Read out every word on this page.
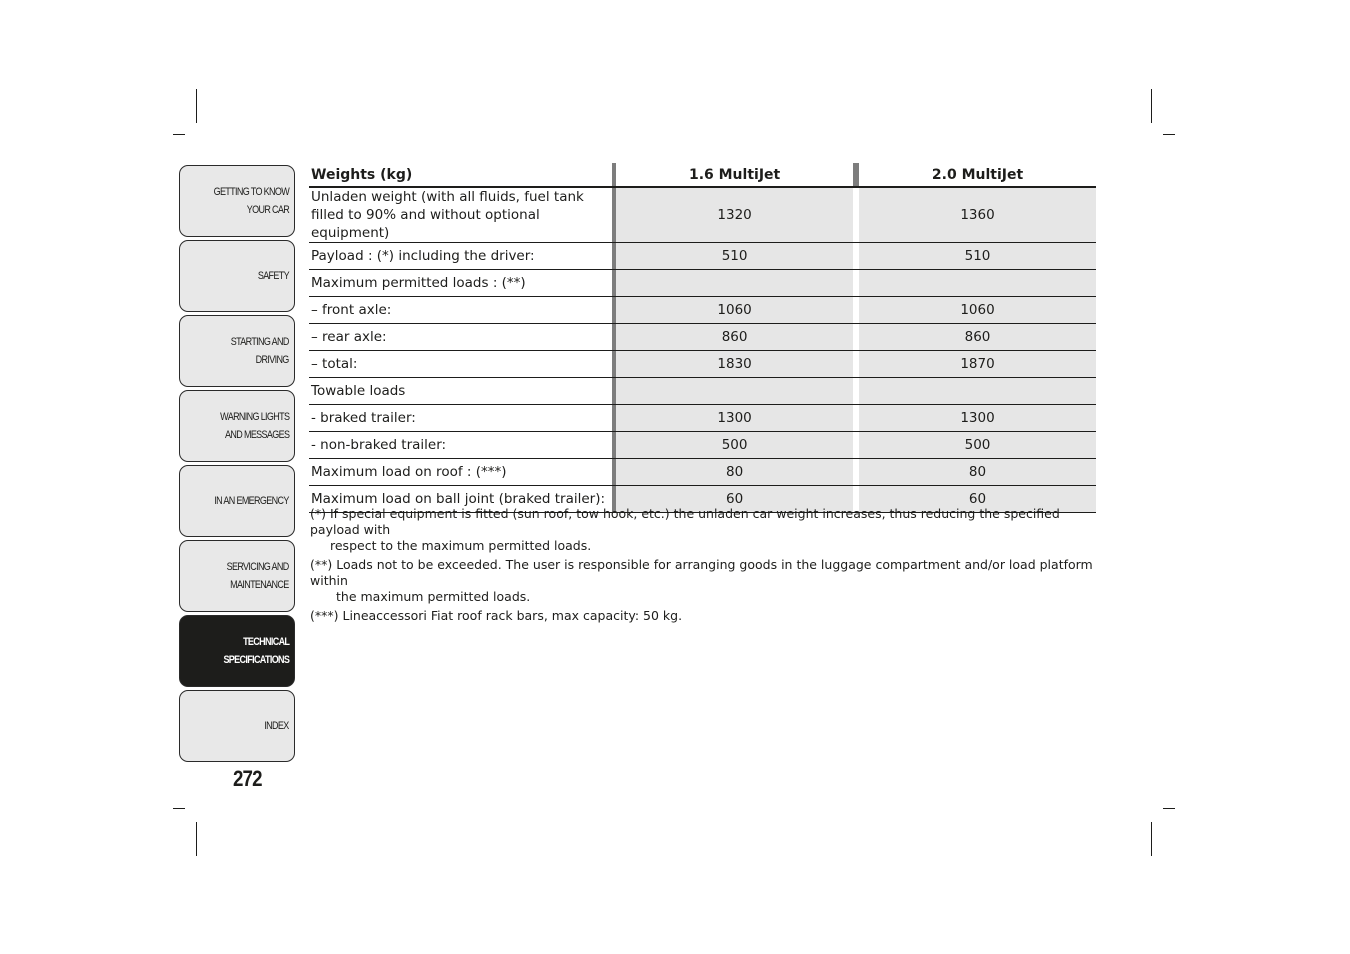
GETTING TO KNOW
YOUR CAR
SAFETY
STARTING AND
DRIVING
WARNING LIGHTS
AND MESSAGES
IN AN EMERGENCY
SERVICING AND
MAINTENANCE
TECHNICAL
SPECIFICATIONS
INDEX
272
Weights (kg)		1.6 MultiJet		2.0 MultiJet
Unladen weight (with all fluids, fuel tank filled to 90% and without optional equipment)		1320		1360
Payload : (*) including the driver:		510		510
Maximum permitted loads : (**)				
– front axle:		1060		1060
– rear axle:		860		860
– total:		1830		1870
Towable loads				
- braked trailer:		1300		1300
- non-braked trailer:		500		500
Maximum load on roof : (***)		80		80
Maximum load on ball joint (braked trailer):		60		60
(*) If special equipment is fitted (sun roof, tow hook, etc.) the unladen car weight increases, thus reducing the specified payload with
respect to the maximum permitted loads.
(**) Loads not to be exceeded. The user is responsible for arranging goods in the luggage compartment and/or load platform within
the maximum permitted loads.
(***) Lineaccessori Fiat roof rack bars, max capacity: 50 kg.
